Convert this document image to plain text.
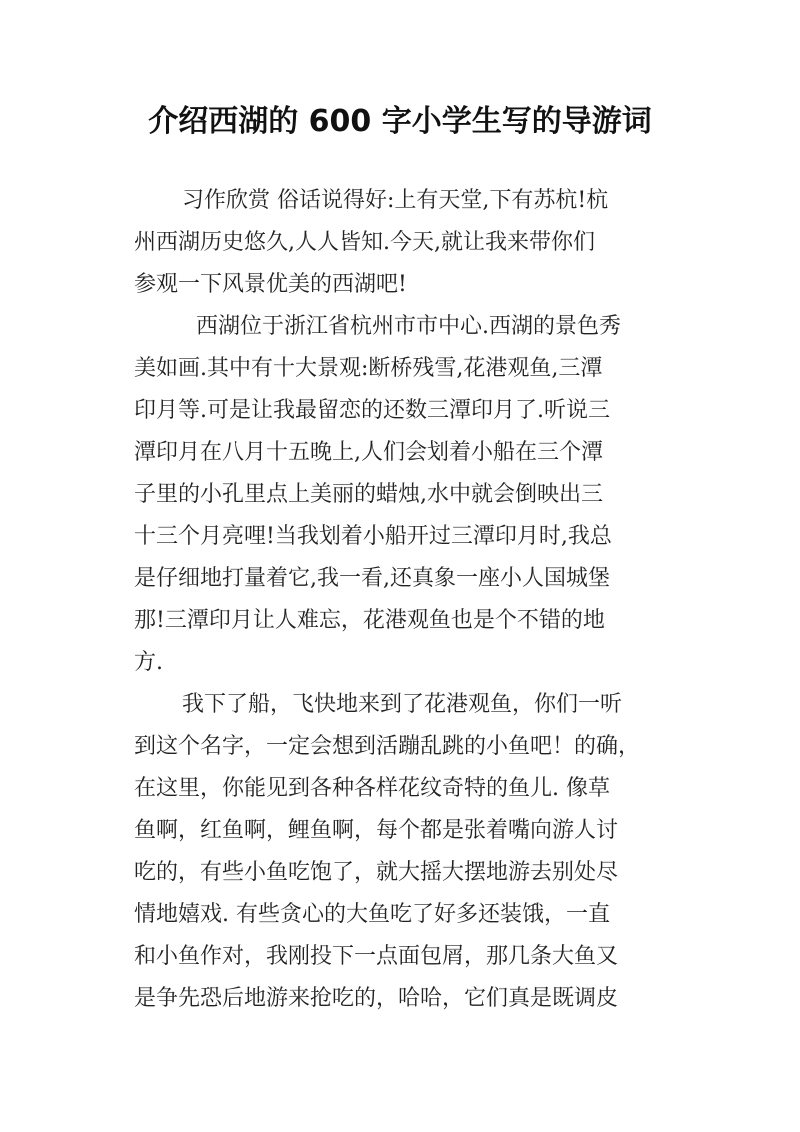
介绍西湖的 600 字小学生写的导游词
习作欣赏 俗话说得好:上有天堂,下有苏杭!杭
州西湖历史悠久,人人皆知.今天,就让我来带你们
参观一下风景优美的西湖吧!
西湖位于浙江省杭州市市中心.西湖的景色秀
美如画.其中有十大景观:断桥残雪,花港观鱼,三潭
印月等.可是让我最留恋的还数三潭印月了.听说三
潭印月在八月十五晚上,人们会划着小船在三个潭
子里的小孔里点上美丽的蜡烛,水中就会倒映出三
十三个月亮哩!当我划着小船开过三潭印月时,我总
是仔细地打量着它,我一看,还真象一座小人国城堡
那!三潭印月让人难忘，花港观鱼也是个不错的地
方.
我下了船，飞快地来到了花港观鱼，你们一听
到这个名字，一定会想到活蹦乱跳的小鱼吧！的确，
在这里，你能见到各种各样花纹奇特的鱼儿. 像草
鱼啊，红鱼啊，鲤鱼啊，每个都是张着嘴向游人讨
吃的，有些小鱼吃饱了，就大摇大摆地游去别处尽
情地嬉戏. 有些贪心的大鱼吃了好多还装饿，一直
和小鱼作对，我刚投下一点面包屑，那几条大鱼又
是争先恐后地游来抢吃的，哈哈，它们真是既调皮
